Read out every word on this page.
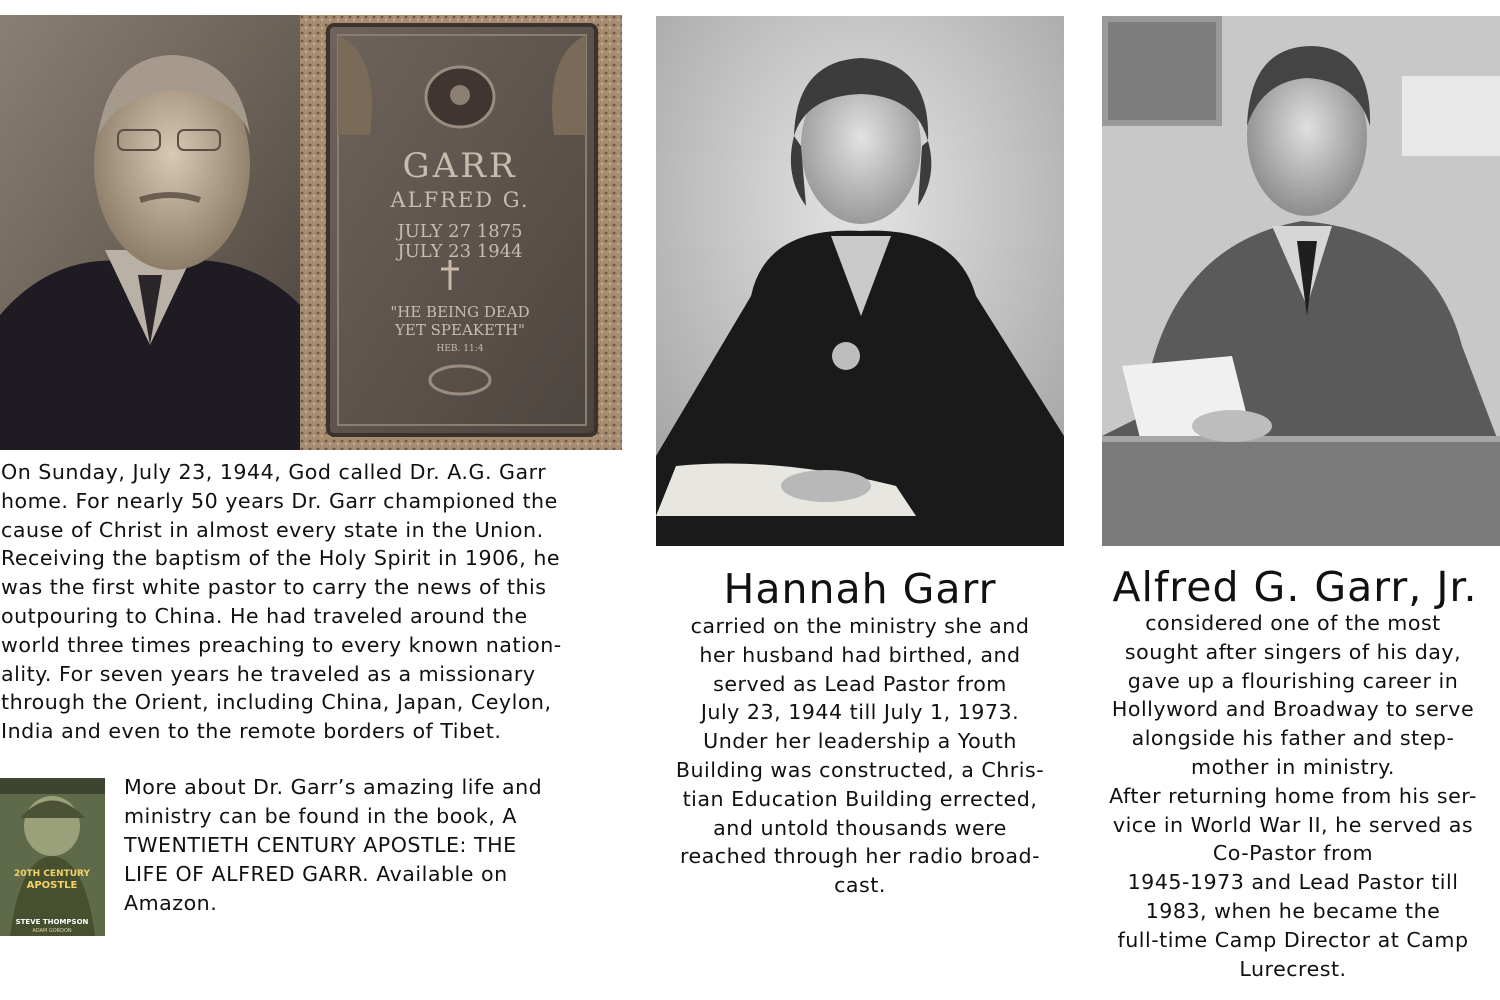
GARR
ALFRED G.
JULY 27 1875
JULY 23 1944
"HE BEING DEAD
YET SPEAKETH"
HEB. 11:4
On Sunday, July 23, 1944, God called Dr. A.G. Garr
home. For nearly 50 years Dr. Garr championed the
cause of Christ in almost every state in the Union.
Receiving the baptism of the Holy Spirit in 1906, he
was the first white pastor to carry the news of this
outpouring to China. He had traveled around the
world three times preaching to every known nation-
ality. For seven years he traveled as a missionary
through the Orient, including China, Japan, Ceylon,
India and even to the remote borders of Tibet.
20TH CENTURY
APOSTLE
STEVE THOMPSON
ADAM GORDON
More about Dr. Garr’s amazing life and
ministry can be found in the book, A
TWENTIETH CENTURY APOSTLE: THE
LIFE OF ALFRED GARR. Available on
Amazon.
Hannah Garr
carried on the ministry she and
her husband had birthed, and
served as Lead Pastor from
July 23, 1944 till July 1, 1973.
Under her leadership a Youth
Building was constructed, a Chris-
tian Education Building errected,
and untold thousands were
reached through her radio broad-
cast.
Alfred G. Garr, Jr.
considered one of the most
sought after singers of his day,
gave up a flourishing career in
Hollyword and Broadway to serve
alongside his father and step-
mother in ministry.
After returning home from his ser-
vice in World War II, he served as
Co-Pastor from
1945-1973 and Lead Pastor till
1983, when he became the
full-time Camp Director at Camp
Lurecrest.
